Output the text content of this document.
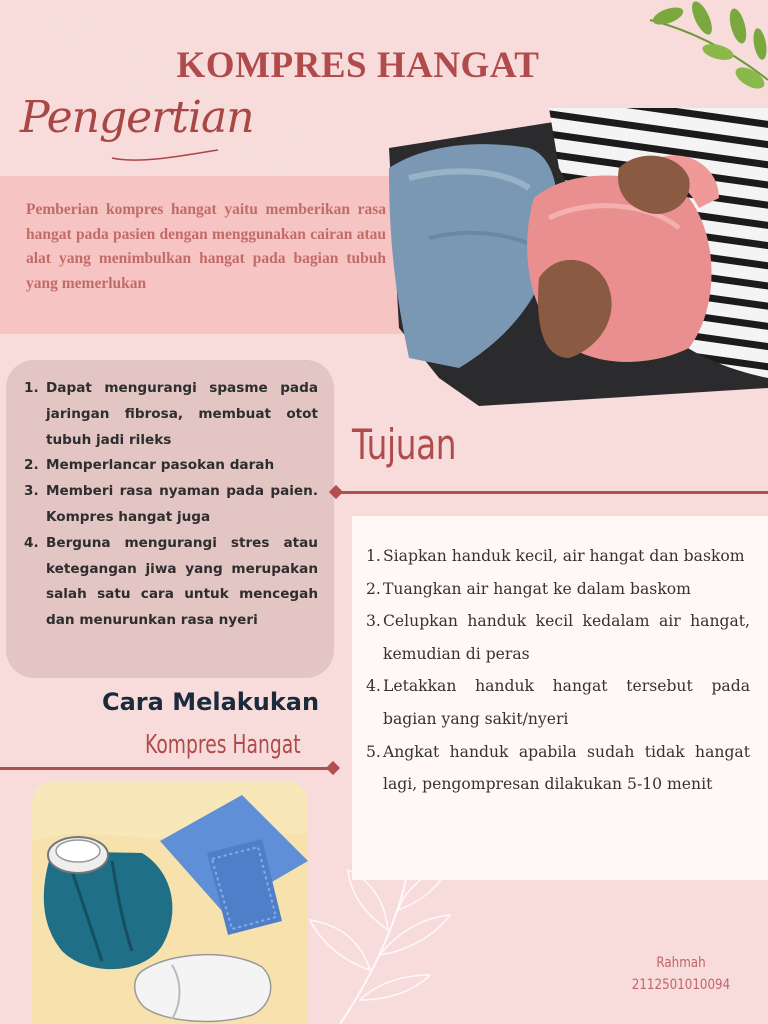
KOMPRES HANGAT
Pengertian

Pemberian kompres hangat yaitu memberikan rasa hangat pada pasien dengan menggunakan cairan atau alat yang menimbulkan hangat pada bagian tubuh yang memerlukan

1. Dapat mengurangi spasme pada jaringan fibrosa, membuat otot tubuh jadi rileks
2. Memperlancar pasokan darah
3. Memberi rasa nyaman pada paien. Kompres hangat juga
4. Berguna mengurangi stres atau ketegangan jiwa yang merupakan salah satu cara untuk mencegah dan menurunkan rasa nyeri
Tujuan
1. Siapkan handuk kecil, air hangat dan baskom
2. Tuangkan air hangat ke dalam baskom
3. Celupkan handuk kecil kedalam air hangat, kemudian di peras
4. Letakkan handuk hangat tersebut pada bagian yang sakit/nyeri
5. Angkat handuk apabila sudah tidak hangat lagi, pengompresan dilakukan 5-10 menit
Cara Melakukan
Kompres Hangat
Rahmah
2112501010094
